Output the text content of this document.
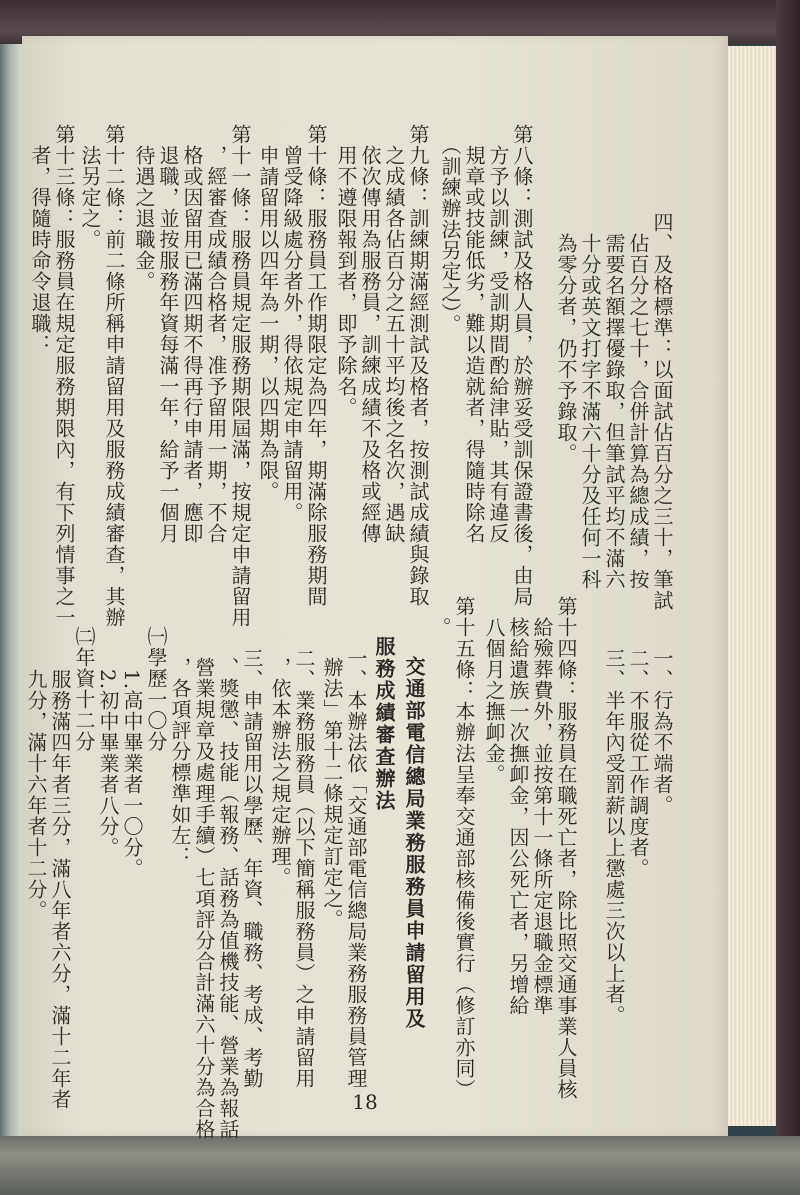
四、及格標準：以面試佔百分之三十，筆試
　佔百分之七十，合併計算為總成績，按
　需要名額擇優錄取，但筆試平均不滿六
　十分或英文打字不滿六十分及任何一科
　為零分者，仍不予錄取。
第八條：測試及格人員，於辦妥受訓保證書後，由局
　方予以訓練，受訓期間酌給津貼，其有違反
　規章或技能低劣，難以造就者，得隨時除名
　（訓練辦法另定之）。
第九條：訓練期滿經測試及格者，按測試成績與錄取
　之成績各佔百分之五十平均後之名次，遇缺
　依次傳用為服務員，訓練成績不及格或經傳
　用不遵限報到者，即予除名。
第十條：服務員工作期限定為四年，期滿除服務期間
　曾受降級處分者外，得依規定申請留用。
　申請留用以四年為一期，以四期為限。
第十一條：服務員規定服務期限屆滿，按規定申請留用
　，經審查成績合格者，准予留用一期，不合
　格或因留用已滿四期不得再行申請者，應即
　退職，並按服務年資每滿一年，給予一個月
　待遇之退職金。
第十二條：前二條所稱申請留用及服務成績審查，其辦
　法另定之。
第十三條：服務員在規定服務期限內，有下列情事之一
　者，得隨時命令退職：
一、行為不端者。
二、不服從工作調度者。
三、半年內受罰薪以上懲處三次以上者。
第十四條：服務員在職死亡者，除比照交通事業人員核
　給殮葬費外，並按第十一條所定退職金標準
　核給遺族一次撫卹金，因公死亡者，另增給
　八個月之撫卹金。
第十五條：本辦法呈奉交通部核備後實行（修訂亦同）
　。
交通部電信總局業務服務員申請留用及
服務成績審查辦法
一、本辦法依「交通部電信總局業務服務員管理
　辦法」第十二條規定訂定之。
二、業務服務員（以下簡稱服務員）之申請留用
　，依本辦法之規定辦理。
三、申請留用以學歷、年資、職務、考成、考勤
　、獎懲、技能（報務、話務為值機技能、營業為報話
　營業規章及處理手續）七項評分合計滿六十分為合格
　，各項評分標準如左：
㈠學歷一〇分
　1.高中畢業者一〇分。
　2.初中畢業者八分。
㈡年資十二分
　服務滿四年者三分，滿八年者六分，滿十二年者
　九分，滿十六年者十二分。
18
